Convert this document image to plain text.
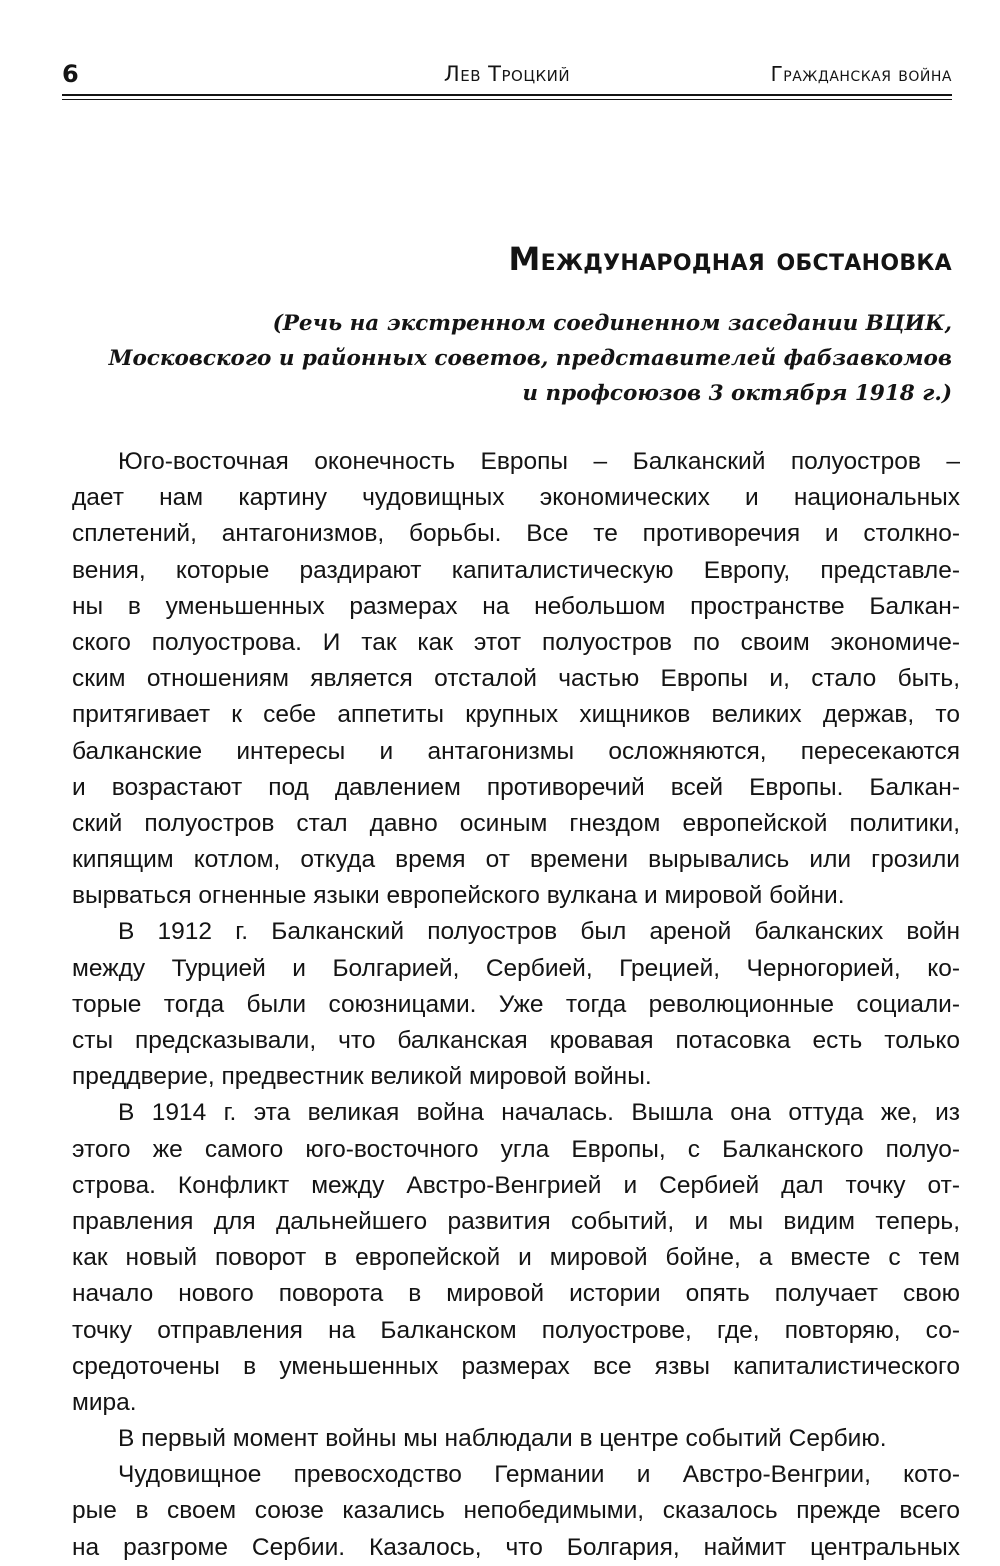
6	Лев Троцкий	Гражданская война
Международная обстановка
(Речь на экстренном соединенном заседании ВЦИК,
Московского и районных советов, представителей фабзавкомов
и профсоюзов 3 октября 1918 г.)
Юго-восточная оконечность Европы – Балканский полуостров –
дает нам картину чудовищных экономических и национальных
сплетений, антагонизмов, борьбы. Все те противоречия и столкно-
вения, которые раздирают капиталистическую Европу, представле-
ны в уменьшенных размерах на небольшом пространстве Балкан-
ского полуострова. И так как этот полуостров по своим экономиче-
ским отношениям является отсталой частью Европы и, стало быть,
притягивает к себе аппетиты крупных хищников великих держав, то
балканские интересы и антагонизмы осложняются, пересекаются
и возрастают под давлением противоречий всей Европы. Балкан-
ский полуостров стал давно осиным гнездом европейской политики,
кипящим котлом, откуда время от времени вырывались или грозили
вырваться огненные языки европейского вулкана и мировой бойни.
В 1912 г. Балканский полуостров был ареной балканских войн
между Турцией и Болгарией, Сербией, Грецией, Черногорией, ко-
торые тогда были союзницами. Уже тогда революционные социали-
сты предсказывали, что балканская кровавая потасовка есть только
преддверие, предвестник великой мировой войны.
В 1914 г. эта великая война началась. Вышла она оттуда же, из
этого же самого юго-восточного угла Европы, с Балканского полуо-
строва. Конфликт между Австро-Венгрией и Сербией дал точку от-
правления для дальнейшего развития событий, и мы видим теперь,
как новый поворот в европейской и мировой бойне, а вместе с тем
начало нового поворота в мировой истории опять получает свою
точку отправления на Балканском полуострове, где, повторяю, со-
средоточены в уменьшенных размерах все язвы капиталистического
мира.
В первый момент войны мы наблюдали в центре событий Сербию.
Чудовищное превосходство Германии и Австро-Венгрии, кото-
рые в своем союзе казались непобедимыми, сказалось прежде всего
на разгроме Сербии. Казалось, что Болгария, наймит центральных
